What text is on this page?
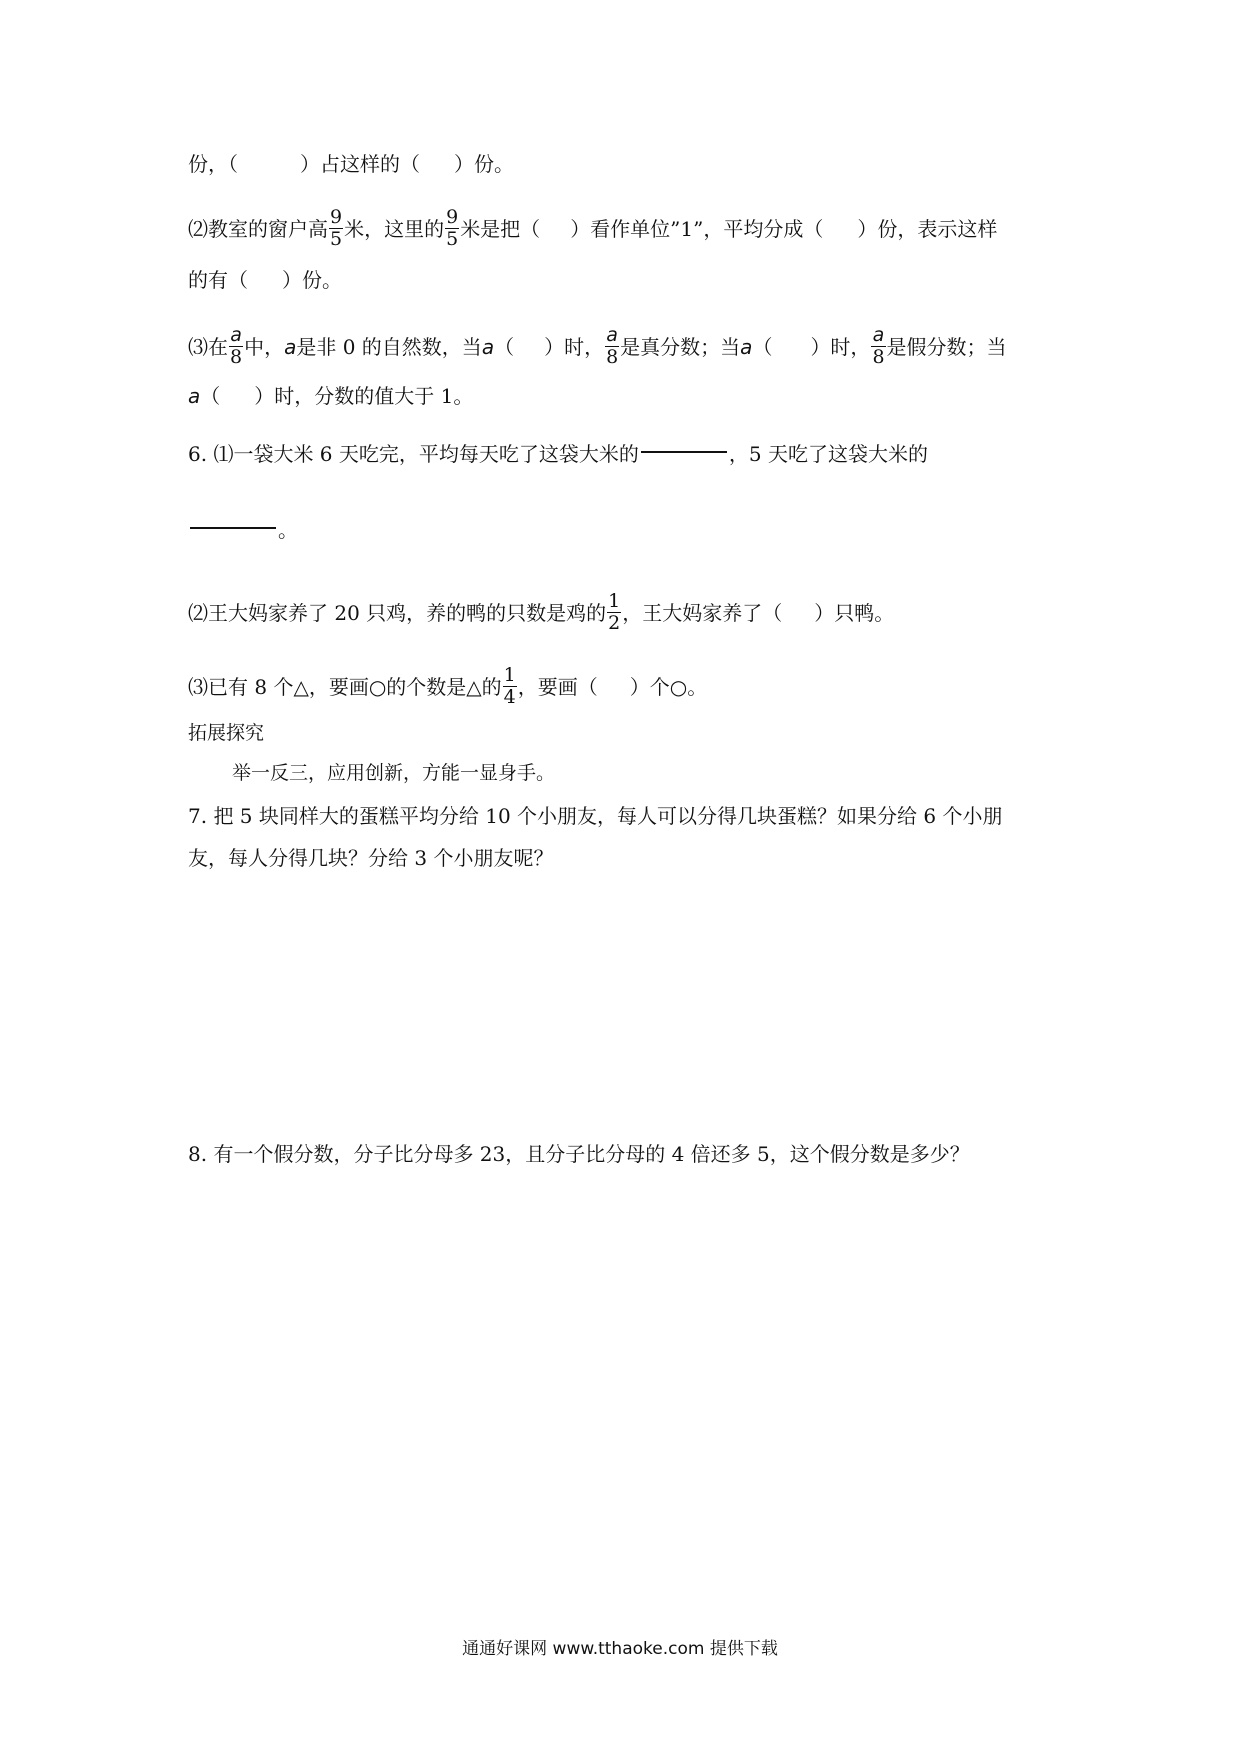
份，（	）占这样的（ ）份。
⑵教室的窗户高 $\frac{9}{5}$ 米，这里的 $\frac{9}{5}$ 米是把（ ）看作单位”1”，平均分成（ ）份，表示这样
的有（ ）份。
⑶在 $\frac{a}{8}$ 中，a是非 0 的自然数，当a（ ）时， $\frac{a}{8}$ 是真分数；当a（ ）时， $\frac{a}{8}$ 是假分数；当
a（ ）时，分数的值大于 1。
6. ⑴一袋大米 6 天吃完，平均每天吃了这袋大米的	，5 天吃了这袋大米的
。
⑵王大妈家养了 20 只鸡，养的鸭的只数是鸡的 $\frac{1}{2}$ ，王大妈家养了（ ）只鸭。
⑶已有 8 个△，要画○的个数是△的 $\frac{1}{4}$ ，要画（ ）个○。
拓展探究
举一反三，应用创新，方能一显身手。
7. 把 5 块同样大的蛋糕平均分给 10 个小朋友，每人可以分得几块蛋糕？如果分给 6 个小朋
友，每人分得几块？分给 3 个小朋友呢？
8. 有一个假分数，分子比分母多 23，且分子比分母的 4 倍还多 5，这个假分数是多少？
通通好课网 www.tthaoke.com 提供下载
